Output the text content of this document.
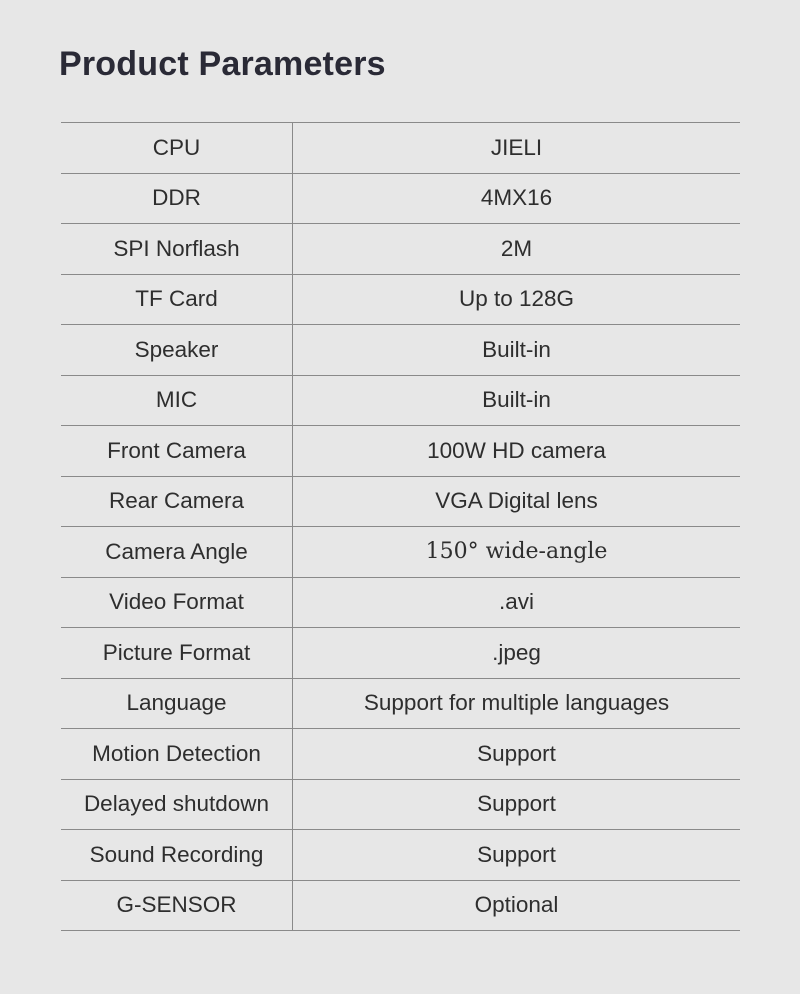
Product Parameters
CPU	JIELI
DDR	4MX16
SPI Norflash	2M
TF Card	Up to 128G
Speaker	Built-in
MIC	Built-in
Front Camera	100W HD camera
Rear Camera	VGA Digital lens
Camera Angle	150° wide-angle
Video Format	.avi
Picture Format	.jpeg
Language	Support for multiple languages
Motion Detection	Support
Delayed shutdown	Support
Sound Recording	Support
G-SENSOR	Optional
